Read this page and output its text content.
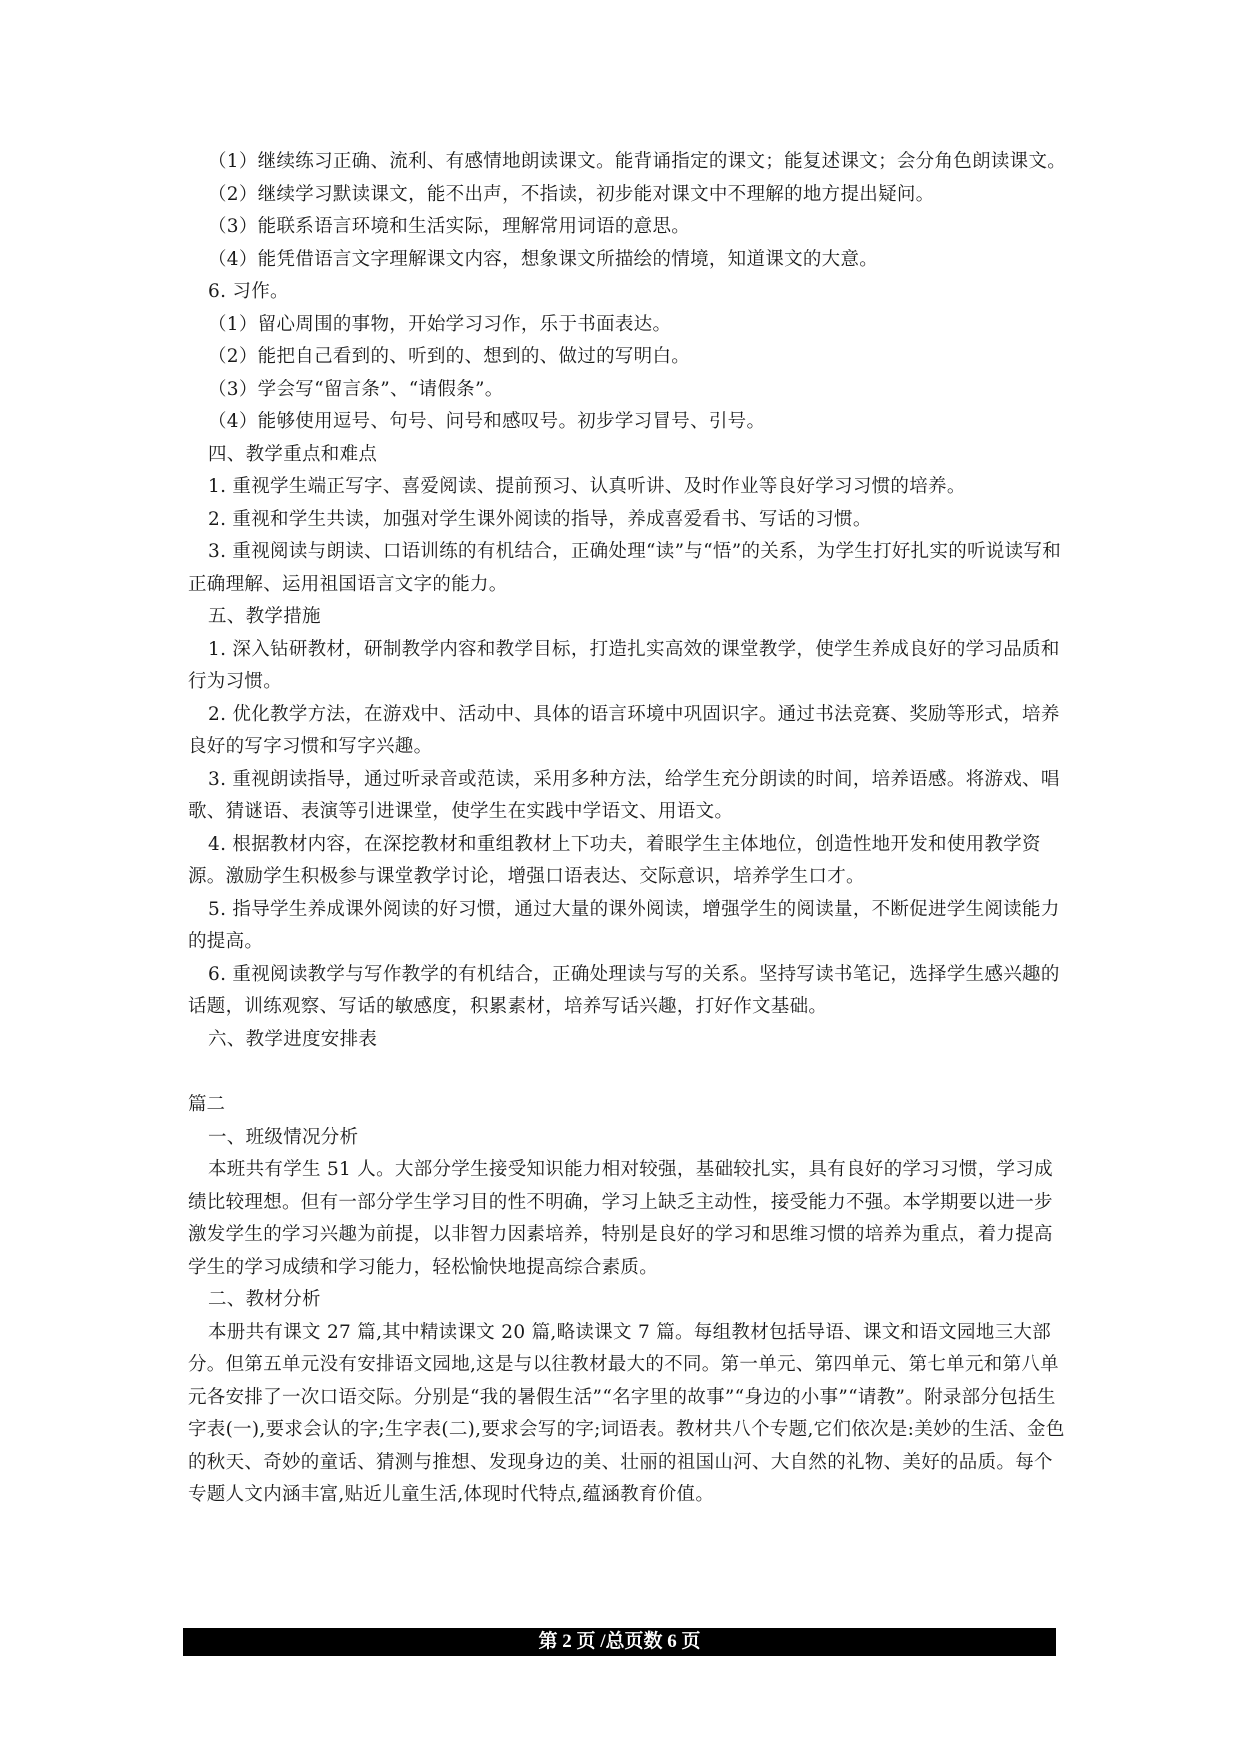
（1）继续练习正确、流利、有感情地朗读课文。能背诵指定的课文；能复述课文；会分角色朗读课文。

（2）继续学习默读课文，能不出声，不指读，初步能对课文中不理解的地方提出疑问。

（3）能联系语言环境和生活实际，理解常用词语的意思。

（4）能凭借语言文字理解课文内容，想象课文所描绘的情境，知道课文的大意。

6. 习作。

（1）留心周围的事物，开始学习习作，乐于书面表达。

（2）能把自己看到的、听到的、想到的、做过的写明白。

（3）学会写“留言条”、“请假条”。

（4）能够使用逗号、句号、问号和感叹号。初步学习冒号、引号。

四、教学重点和难点

1. 重视学生端正写字、喜爱阅读、提前预习、认真听讲、及时作业等良好学习习惯的培养。

2. 重视和学生共读，加强对学生课外阅读的指导，养成喜爱看书、写话的习惯。

3. 重视阅读与朗读、口语训练的有机结合，正确处理“读”与“悟”的关系，为学生打好扎实的听说读写和正确理解、运用祖国语言文字的能力。

五、教学措施

1. 深入钻研教材，研制教学内容和教学目标，打造扎实高效的课堂教学，使学生养成良好的学习品质和行为习惯。

2. 优化教学方法，在游戏中、活动中、具体的语言环境中巩固识字。通过书法竞赛、奖励等形式，培养良好的写字习惯和写字兴趣。

3. 重视朗读指导，通过听录音或范读，采用多种方法，给学生充分朗读的时间，培养语感。将游戏、唱歌、猜谜语、表演等引进课堂，使学生在实践中学语文、用语文。

4. 根据教材内容，在深挖教材和重组教材上下功夫，着眼学生主体地位，创造性地开发和使用教学资源。激励学生积极参与课堂教学讨论，增强口语表达、交际意识，培养学生口才。

5. 指导学生养成课外阅读的好习惯，通过大量的课外阅读，增强学生的阅读量，不断促进学生阅读能力的提高。

6. 重视阅读教学与写作教学的有机结合，正确处理读与写的关系。坚持写读书笔记，选择学生感兴趣的话题，训练观察、写话的敏感度，积累素材，培养写话兴趣，打好作文基础。

六、教学进度安排表

篇二

一、班级情况分析

本班共有学生 51 人。大部分学生接受知识能力相对较强，基础较扎实，具有良好的学习习惯，学习成绩比较理想。但有一部分学生学习目的性不明确，学习上缺乏主动性，接受能力不强。本学期要以进一步激发学生的学习兴趣为前提，以非智力因素培养，特别是良好的学习和思维习惯的培养为重点，着力提高学生的学习成绩和学习能力，轻松愉快地提高综合素质。

二、教材分析

本册共有课文 27 篇,其中精读课文 20 篇,略读课文 7 篇。每组教材包括导语、课文和语文园地三大部分。但第五单元没有安排语文园地,这是与以往教材最大的不同。第一单元、第四单元、第七单元和第八单元各安排了一次口语交际。分别是“我的暑假生活”“名字里的故事”“身边的小事”“请教”。附录部分包括生字表(一),要求会认的字;生字表(二),要求会写的字;词语表。教材共八个专题,它们依次是:美妙的生活、金色的秋天、奇妙的童话、猜测与推想、发现身边的美、壮丽的祖国山河、大自然的礼物、美好的品质。每个专题人文内涵丰富,贴近儿童生活,体现时代特点,蕴涵教育价值。

第 2 页 /总页数 6 页
